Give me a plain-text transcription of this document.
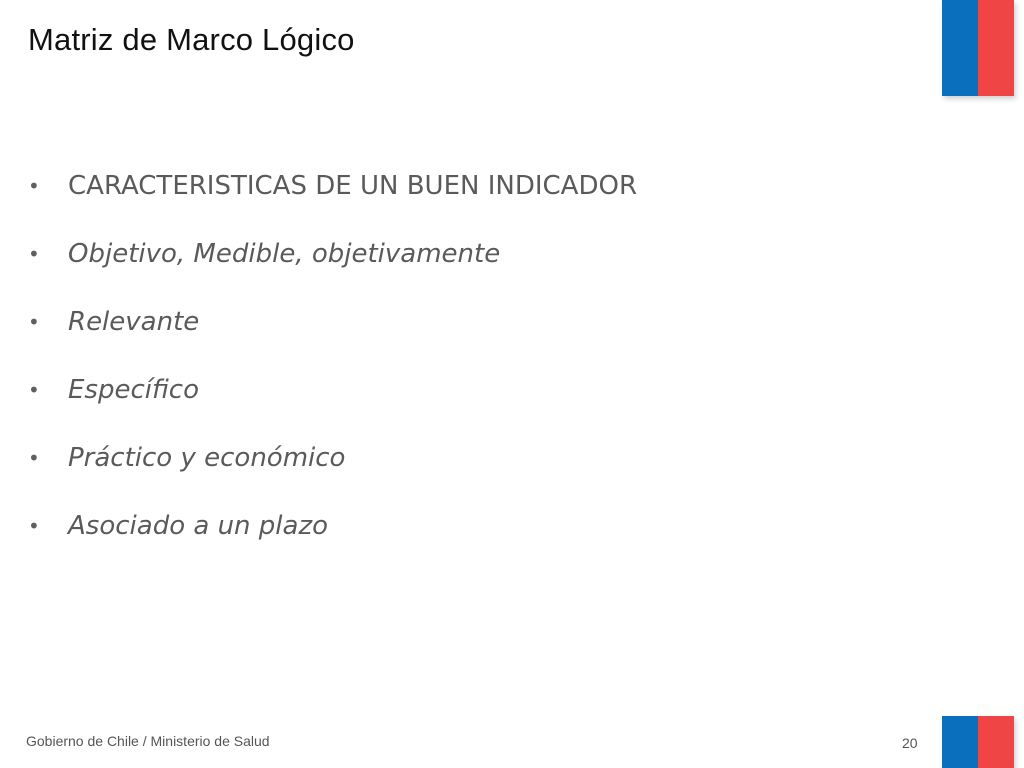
Matriz de Marco Lógico
•	CARACTERISTICAS DE UN BUEN INDICADOR
•	Objetivo, Medible, objetivamente
•	Relevante
•	Específico
•	Práctico y económico
•	Asociado a un plazo
Gobierno de Chile / Ministerio de Salud	20
